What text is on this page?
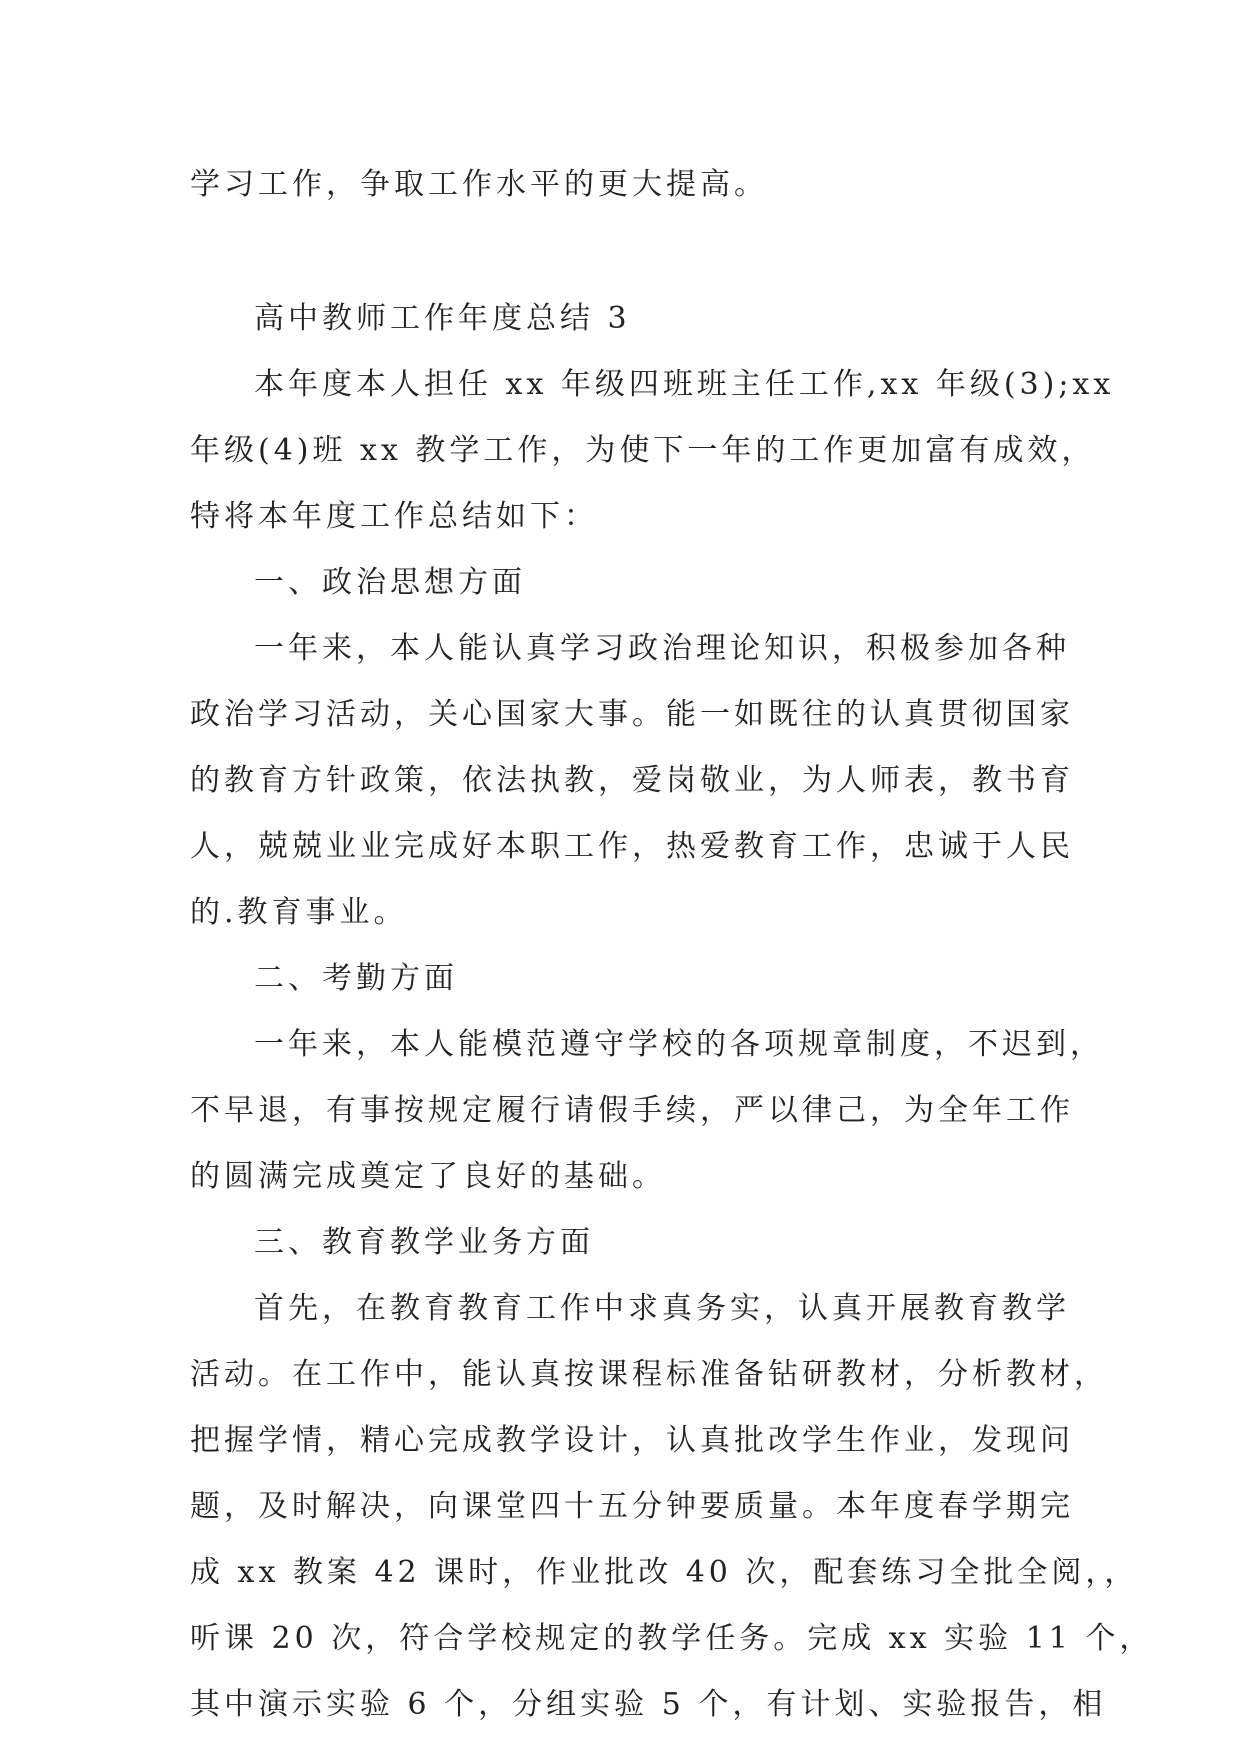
学习工作，争取工作水平的更大提高。
高中教师工作年度总结 3
本年度本人担任 xx 年级四班班主任工作,xx 年级(3);xx
年级(4)班 xx 教学工作，为使下一年的工作更加富有成效，
特将本年度工作总结如下：
一、政治思想方面
一年来，本人能认真学习政治理论知识，积极参加各种
政治学习活动，关心国家大事。能一如既往的认真贯彻国家
的教育方针政策，依法执教，爱岗敬业，为人师表，教书育
人，兢兢业业完成好本职工作，热爱教育工作，忠诚于人民
的.教育事业。
二、考勤方面
一年来，本人能模范遵守学校的各项规章制度，不迟到，
不早退，有事按规定履行请假手续，严以律己，为全年工作
的圆满完成奠定了良好的基础。
三、教育教学业务方面
首先，在教育教育工作中求真务实，认真开展教育教学
活动。在工作中，能认真按课程标准备钻研教材，分析教材，
把握学情，精心完成教学设计，认真批改学生作业，发现问
题，及时解决，向课堂四十五分钟要质量。本年度春学期完
成 xx 教案 42 课时，作业批改 40 次，配套练习全批全阅，，
听课 20 次，符合学校规定的教学任务。完成 xx 实验 11 个，
其中演示实验 6 个，分组实验 5 个，有计划、实验报告，相
